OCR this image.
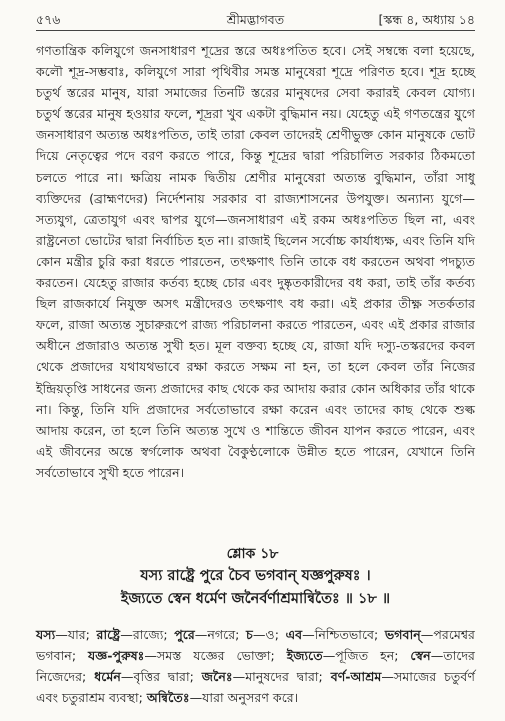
৫৭৬	শ্রীমদ্ভাগবত	[স্কন্ধ ৪, অধ্যায় ১৪

গণতান্ত্রিক কলিযুগে জনসাধারণ শূদ্রের স্তরে অধঃপতিত হবে। সেই সম্বন্ধে বলা হয়েছে, কলৌ শূদ্র-সম্ভবাঃ, কলিযুগে সারা পৃথিবীর সমস্ত মানুষেরা শূদ্রে পরিণত হবে। শূদ্র হচ্ছে চতুর্থ স্তরের মানুষ, যারা সমাজের তিনটি স্তরের মানুষদের সেবা করারই কেবল যোগ্য। চতুর্থ স্তরের মানুষ হওয়ার ফলে, শূদ্ররা খুব একটা বুদ্ধিমান নয়। যেহেতু এই গণতন্ত্রের যুগে জনসাধারণ অত্যন্ত অধঃপতিত, তাই তারা কেবল তাদেরই শ্রেণীভুক্ত কোন মানুষকে ভোট দিয়ে নেতৃত্বের পদে বরণ করতে পারে, কিন্তু শূদ্রের দ্বারা পরিচালিত সরকার ঠিকমতো চলতে পারে না। ক্ষত্রিয় নামক দ্বিতীয় শ্রেণীর মানুষেরা অত্যন্ত বুদ্ধিমান, তাঁরা সাধু ব্যক্তিদের (ব্রাহ্মণদের) নির্দেশনায় সরকার বা রাজ্যশাসনের উপযুক্ত। অন্যান্য যুগে—সত্যযুগ, ত্রেতাযুগ এবং দ্বাপর যুগে—জনসাধারণ এই রকম অধঃপতিত ছিল না, এবং রাষ্ট্রনেতা ভোটের দ্বারা নির্বাচিত হত না। রাজাই ছিলেন সর্বোচ্চ কার্যাধ্যক্ষ, এবং তিনি যদি কোন মন্ত্রীর চুরি করা ধরতে পারতেন, তৎক্ষণাৎ তিনি তাকে বধ করতেন অথবা পদচ্যুত করতেন। যেহেতু রাজার কর্তব্য হচ্ছে চোর এবং দুষ্কৃতকারীদের বধ করা, তাই তাঁর কর্তব্য ছিল রাজকার্যে নিযুক্ত অসৎ মন্ত্রীদেরও তৎক্ষণাৎ বধ করা। এই প্রকার তীক্ষ্ণ সতর্কতার ফলে, রাজা অত্যন্ত সুচারুরূপে রাজ্য পরিচালনা করতে পারতেন, এবং এই প্রকার রাজার অধীনে প্রজারাও অত্যন্ত সুখী হত। মূল বক্তব্য হচ্ছে যে, রাজা যদি দস্যু-তস্করদের কবল থেকে প্রজাদের যথাযথভাবে রক্ষা করতে সক্ষম না হন, তা হলে কেবল তাঁর নিজের ইন্দ্রিয়তৃপ্তি সাধনের জন্য প্রজাদের কাছ থেকে কর আদায় করার কোন অধিকার তাঁর থাকে না। কিন্তু, তিনি যদি প্রজাদের সর্বতোভাবে রক্ষা করেন এবং তাদের কাছ থেকে শুল্ক আদায় করেন, তা হলে তিনি অত্যন্ত সুখে ও শান্তিতে জীবন যাপন করতে পারেন, এবং এই জীবনের অন্তে স্বর্গলোক অথবা বৈকুণ্ঠলোকে উন্নীত হতে পারেন, যেখানে তিনি সর্বতোভাবে সুখী হতে পারেন।

শ্লোক ১৮
যস্য রাষ্ট্রে পুরে চৈব ভগবান্ যজ্ঞপুরুষঃ ।
ইজ্যতে স্বেন ধর্মেণ জনৈর্বর্ণাশ্রমান্বিতৈঃ ॥ ১৮ ॥
যস্য—যার; রাষ্ট্রে—রাজ্যে; পুরে—নগরে; চ—ও; এব—নিশ্চিতভাবে; ভগবান্—পরমেশ্বর ভগবান; যজ্ঞ-পুরুষঃ—সমস্ত যজ্ঞের ভোক্তা; ইজ্যতে—পূজিত হন; স্বেন—তাদের নিজেদের; ধর্মেন—বৃত্তির দ্বারা; জনৈঃ—মানুষদের দ্বারা; বর্ণ-আশ্রম—সমাজের চতুর্বর্ণ এবং চতুরাশ্রম ব্যবস্থা; অন্বিতৈঃ—যারা অনুসরণ করে।
